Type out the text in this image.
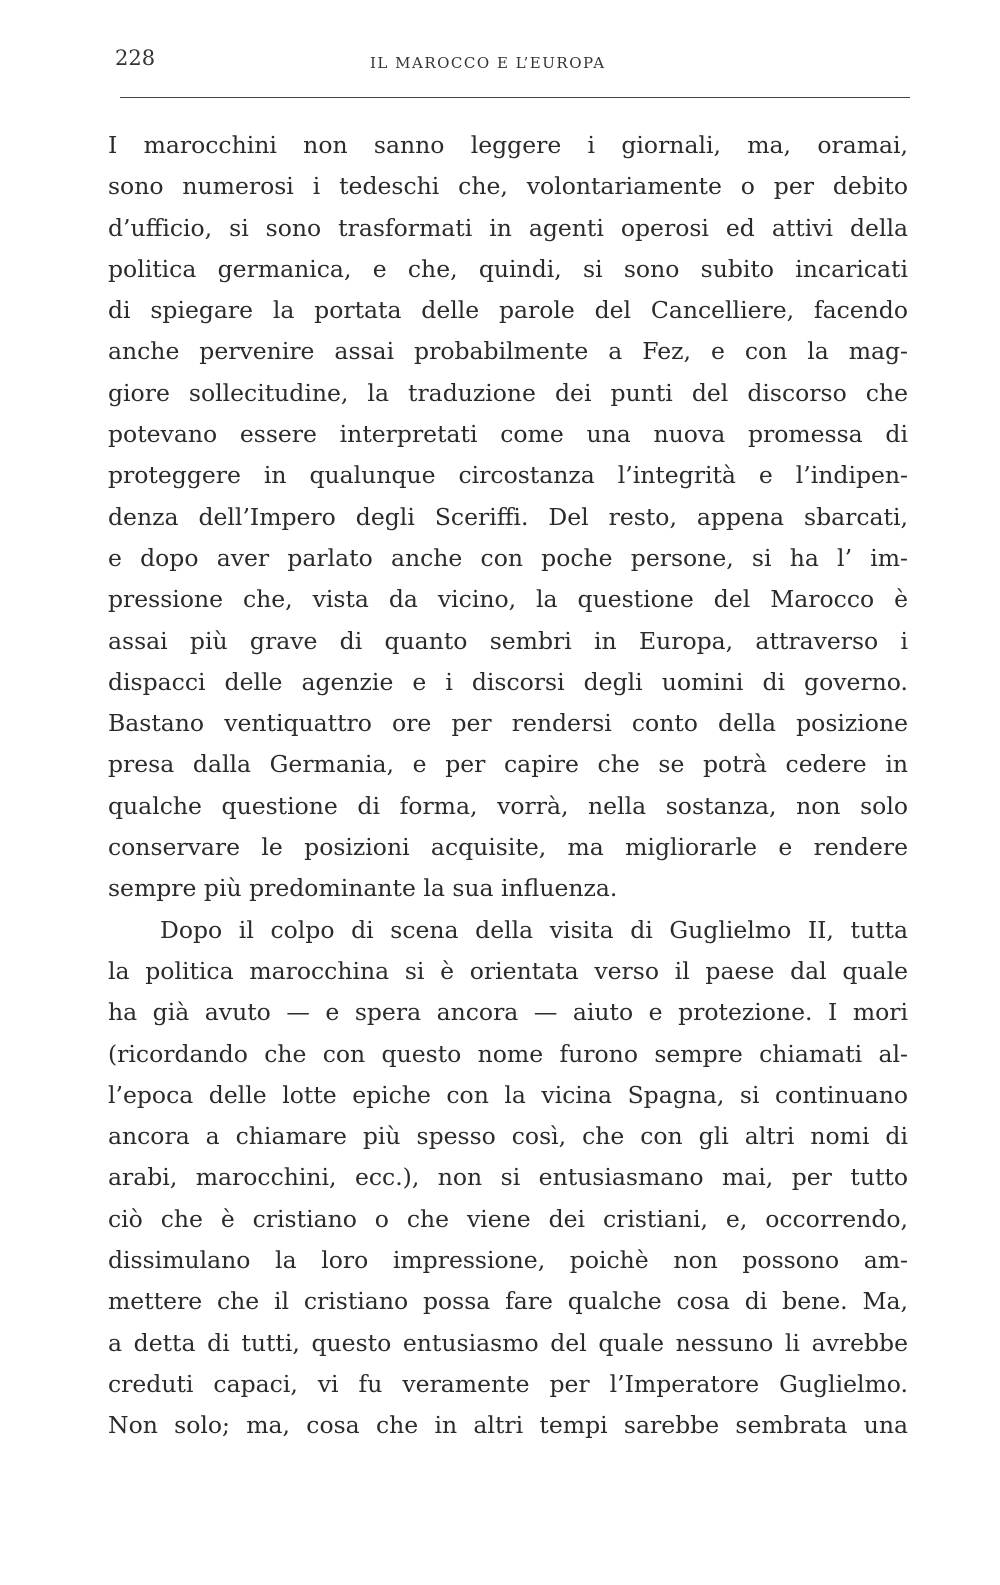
228	IL MAROCCO E L’EUROPA
I marocchini non sanno leggere i giornali, ma, oramai,
sono numerosi i tedeschi che, volontariamente o per debito
d’ufficio, si sono trasformati in agenti operosi ed attivi della
politica germanica, e che, quindi, si sono subito incaricati
di spiegare la portata delle parole del Cancelliere, facendo
anche pervenire assai probabilmente a Fez, e con la mag-
giore sollecitudine, la traduzione dei punti del discorso che
potevano essere interpretati come una nuova promessa di
proteggere in qualunque circostanza l’integrità e l’indipen-
denza dell’Impero degli Sceriffi. Del resto, appena sbarcati,
e dopo aver parlato anche con poche persone, si ha l’ im-
pressione che, vista da vicino, la questione del Marocco è
assai più grave di quanto sembri in Europa, attraverso i
dispacci delle agenzie e i discorsi degli uomini di governo.
Bastano ventiquattro ore per rendersi conto della posizione
presa dalla Germania, e per capire che se potrà cedere in
qualche questione di forma, vorrà, nella sostanza, non solo
conservare le posizioni acquisite, ma migliorarle e rendere
sempre più predominante la sua influenza.
Dopo il colpo di scena della visita di Guglielmo II, tutta
la politica marocchina si è orientata verso il paese dal quale
ha già avuto — e spera ancora — aiuto e protezione. I mori
(ricordando che con questo nome furono sempre chiamati al-
l’epoca delle lotte epiche con la vicina Spagna, si continuano
ancora a chiamare più spesso così, che con gli altri nomi di
arabi, marocchini, ecc.), non si entusiasmano mai, per tutto
ciò che è cristiano o che viene dei cristiani, e, occorrendo,
dissimulano la loro impressione, poichè non possono am-
mettere che il cristiano possa fare qualche cosa di bene. Ma,
a detta di tutti, questo entusiasmo del quale nessuno li avrebbe
creduti capaci, vi fu veramente per l’Imperatore Guglielmo.
Non solo; ma, cosa che in altri tempi sarebbe sembrata una
